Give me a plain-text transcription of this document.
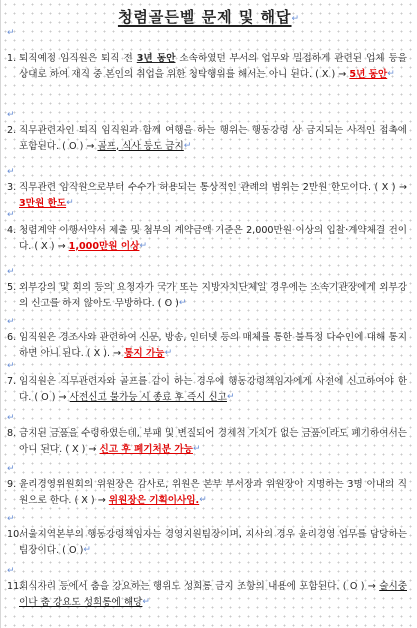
청렴골든벨 문제 및 해답↵
↵
1. 퇴직예정 임직원은 퇴직 전 3년 동안 소속하였던 부서의 업무와 밀접하게 관련된 업체 등을 상대로 하여 재직 중 본인의 취업을 위한 청탁행위를 해서는 아니 된다. ( X ) → 5년 동안↵
↵
2. 직무관련자인 퇴직 임직원과 함께 여행을 하는 행위는 행동강령 상 금지되는 사적인 접촉에 포함된다. ( O ) → 골프, 식사 등도 금지↵
↵
3. 직무관련 임직원으로부터 수수가 허용되는 통상적인 관례의 범위는 2만원 한도이다. ( X ) → 3만원 한도↵
↵
4. 청렴계약 이행서약서 제출 및 첨부의 계약금액 기준은 2,000만원 이상의 입찰·계약체결 건이다. ( X ) → 1,000만원 이상↵
↵
5. 외부강의 및 회의 등의 요청자가 국가 또는 지방자치단체일 경우에는 소속기관장에게 외부강의 신고를 하지 않아도 무방하다. ( O )↵
↵
6. 임직원은 경조사와 관련하여 신문, 방송, 인터넷 등의 매체를 통한 불특정 다수인에 대해 통지하면 아니 된다. ( X ). → 통지 가능↵
↵
7. 임직원은 직무관련자와 골프를 같이 하는 경우에 행동강령책임자에게 사전에 신고하여야 한다. ( O ) → 사전신고 불가능 시 종료 후 즉시 신고↵
↵
8. 금지된 금품을 수령하였는데, 부패 및 변질되어 경제적 가치가 없는 금품이라도 폐기하여서는 아니 된다. ( X ) → 신고 후 폐기처분 가능↵
↵
9. 윤리경영위원회의 위원장은 감사로, 위원은 본부 부서장과 위원장이 지명하는 3명 이내의 직원으로 한다. ( X ) → 위원장은 기획이사임.↵
↵
10.
서울지역본부의 행동강령책임자는 경영지원팀장이며, 지사의 경우 윤리경영 업무를 담당하는 팀장이다. ( O )↵
↵
11.
회식자리 등에서 춤을 강요하는 행위도 성희롱 금지 조항의 내용에 포함된다. ( O ) → 술시중이나 춤 강요도 성희롱에 해당↵
